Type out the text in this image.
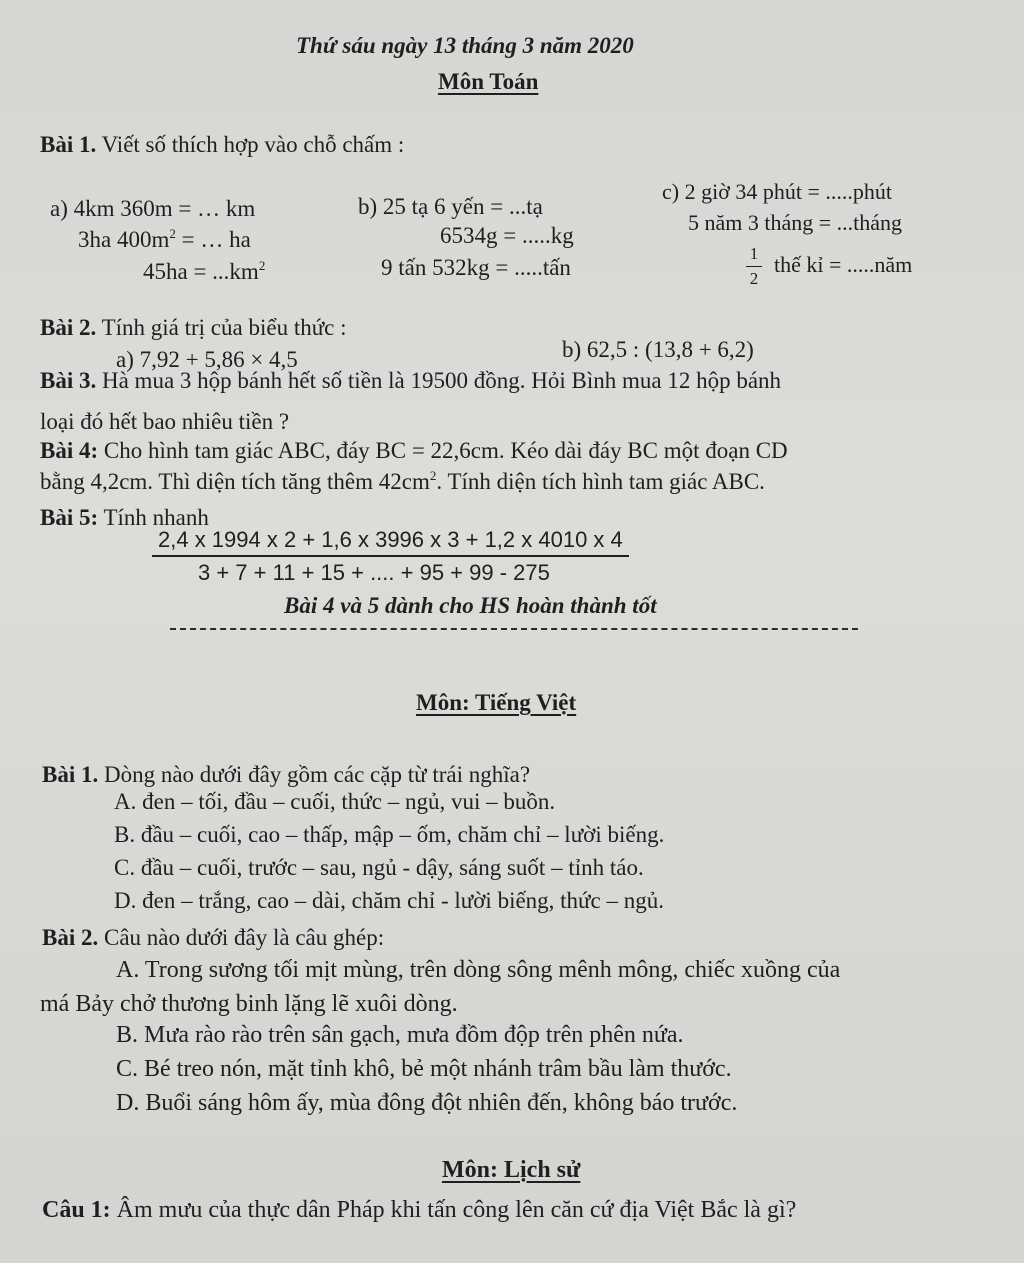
Thứ sáu ngày 13 tháng 3 năm 2020
Môn Toán
Bài 1. Viết số thích hợp vào chỗ chấm :
a) 4km 360m = … km
3ha $400m^2$ = … ha
$45ha = ...km^2$
b) 25 tạ 6 yến = ...tạ
6534g = .....kg
9 tấn 532kg = .....tấn
c) 2 giờ 34 phút = .....phút
5 năm 3 tháng = ...tháng
1
2
thế kỉ = .....năm
Bài 2. Tính giá trị của biểu thức :
a) 7,92 + 5,86 × 4,5	b) 62,5 : (13,8 + 6,2)
Bài 3. Hà mua 3 hộp bánh hết số tiền là 19500 đồng. Hỏi Bình mua 12 hộp bánh
loại đó hết bao nhiêu tiền ?
Bài 4: Cho hình tam giác ABC, đáy BC = 22,6cm. Kéo dài đáy BC một đoạn CD
bằng 4,2cm. Thì diện tích tăng thêm $42cm^2$. Tính diện tích hình tam giác ABC.
Bài 5: Tính nhanh
$\frac{2,4 x 1994 x 2 + 1,6 x 3996 x 3 + 1,2 x 4010 x 4}{3 + 7 + 11 + 15 + .... + 95 + 99 - 275}$
Bài 4 và 5 dành cho HS hoàn thành tốt
Môn: Tiếng Việt
Bài 1. Dòng nào dưới đây gồm các cặp từ trái nghĩa?
A. đen – tối, đầu – cuối, thức – ngủ, vui – buồn.
B. đầu – cuối, cao – thấp, mập – ốm, chăm chỉ – lười biếng.
C. đầu – cuối, trước – sau, ngủ - dậy, sáng suốt – tỉnh táo.
D. đen – trắng, cao – dài, chăm chỉ - lười biếng, thức – ngủ.
Bài 2. Câu nào dưới đây là câu ghép:
A. Trong sương tối mịt mùng, trên dòng sông mênh mông, chiếc xuồng của
má Bảy chở thương binh lặng lẽ xuôi dòng.
B. Mưa rào rào trên sân gạch, mưa đồm độp trên phên nứa.
C. Bé treo nón, mặt tỉnh khô, bẻ một nhánh trâm bầu làm thước.
D. Buổi sáng hôm ấy, mùa đông đột nhiên đến, không báo trước.
Môn: Lịch sử
Câu 1: Âm mưu của thực dân Pháp khi tấn công lên căn cứ địa Việt Bắc là gì?
